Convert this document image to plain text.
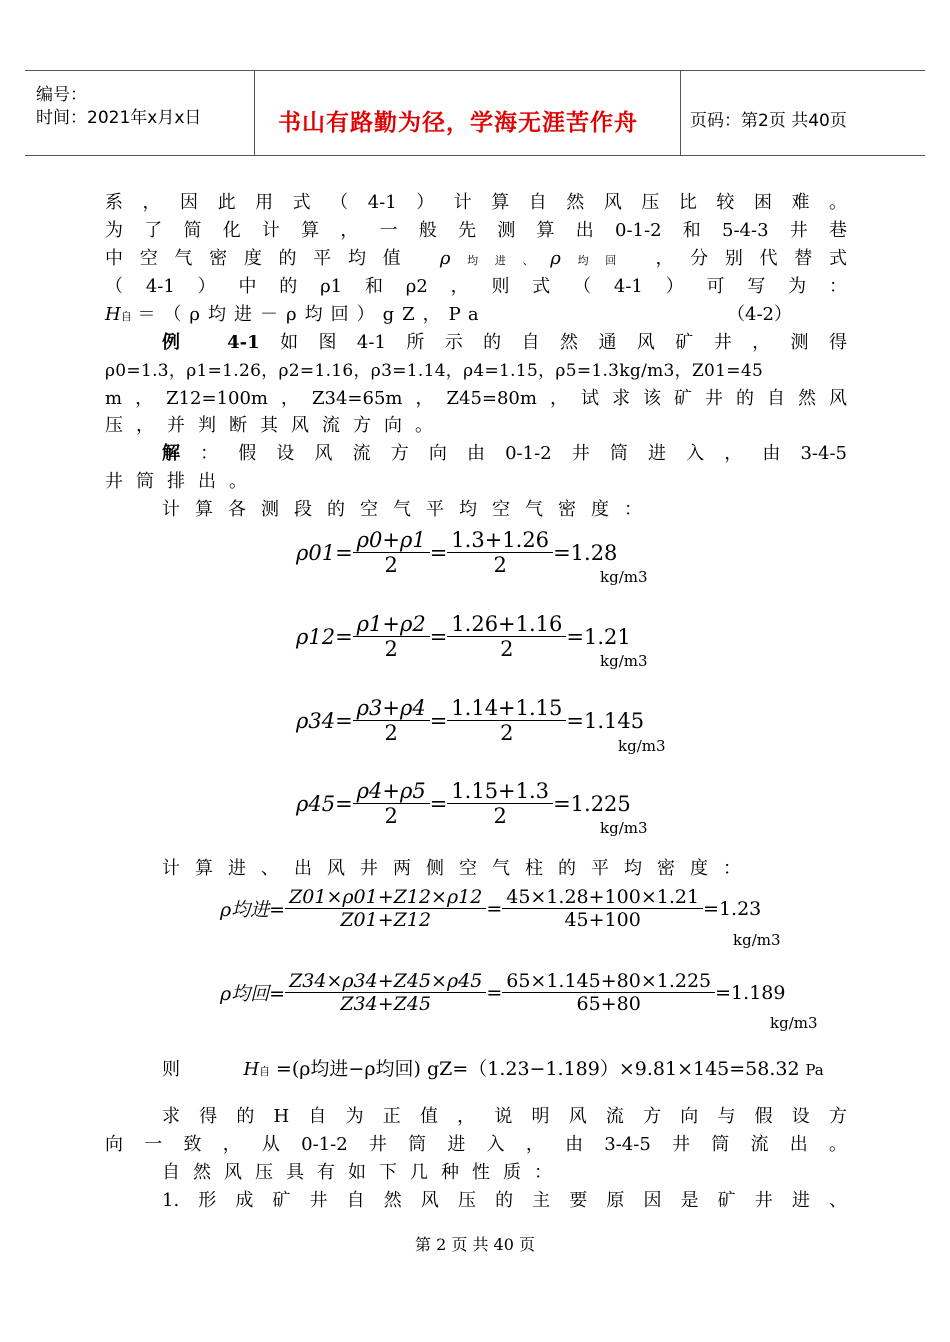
编号：
时间：2021年x月x日	书山有路勤为径，学海无涯苦作舟	页码：第2页 共40页
系，因此用式（4-1）计算自然风压比较困难。
为了简化计算，一般先测算出0-1-2和5-4-3井巷
中空气密度的平均值 ρ均进、ρ均回 ，分别代替式
（4-1）中的ρ1和ρ2，则式（4-1）可写为：
H自 ＝（ρ均进－ρ均回）gZ，Pa	（4-2）
例 4-1如图4-1所示的自然通风矿井，测得
ρ0=1.3，ρ1=1.26，ρ2=1.16，ρ3=1.14，ρ4=1.15，ρ5=1.3kg/m3，Z01=45
m，Z12=100m，Z34=65m，Z45=80m，试求该矿井的自然风
压，并判断其风流方向。
解：假设风流方向由0-1-2井筒进入，由3-4-5
井筒排出。
计算各测段的空气平均空气密度：
$\rho 01= \frac{\rho 0+\rho 1}{2} = \frac{1.3+1.26}{2} =1.28$
kg/m3
$\rho 12= \frac{\rho 1+\rho 2}{2} = \frac{1.26+1.16}{2} =1.21$
kg/m3
$\rho 34= \frac{\rho 3+\rho 4}{2} = \frac{1.14+1.15}{2} =1.145$
kg/m3
$\rho 45= \frac{\rho 4+\rho 5}{2} = \frac{1.15+1.3}{2} =1.225$
kg/m3
计算进、出风井两侧空气柱的平均密度：
ρ均进= $\frac{Z01\times\rho 01+Z12\times\rho 12}{Z01+Z12} = \frac{45\times 1.28+100\times 1.21}{45+100} =1.23$
kg/m3
ρ均回= $\frac{Z34\times\rho 34+Z45\times\rho 45}{Z34+Z45} = \frac{65\times 1.145+80\times 1.225}{65+80} =1.189$
kg/m3
则	H自 =(ρ均进−ρ均回) gZ=（1.23−1.189）×9.81×145=58.32 Pa
求得的H自为正值，说明风流方向与假设方
向一致，从0-1-2井筒进入，由3-4-5井筒流出。
自然风压具有如下几种性质：
1.形成矿井自然风压的主要原因是矿井进、
第 2 页 共 40 页
